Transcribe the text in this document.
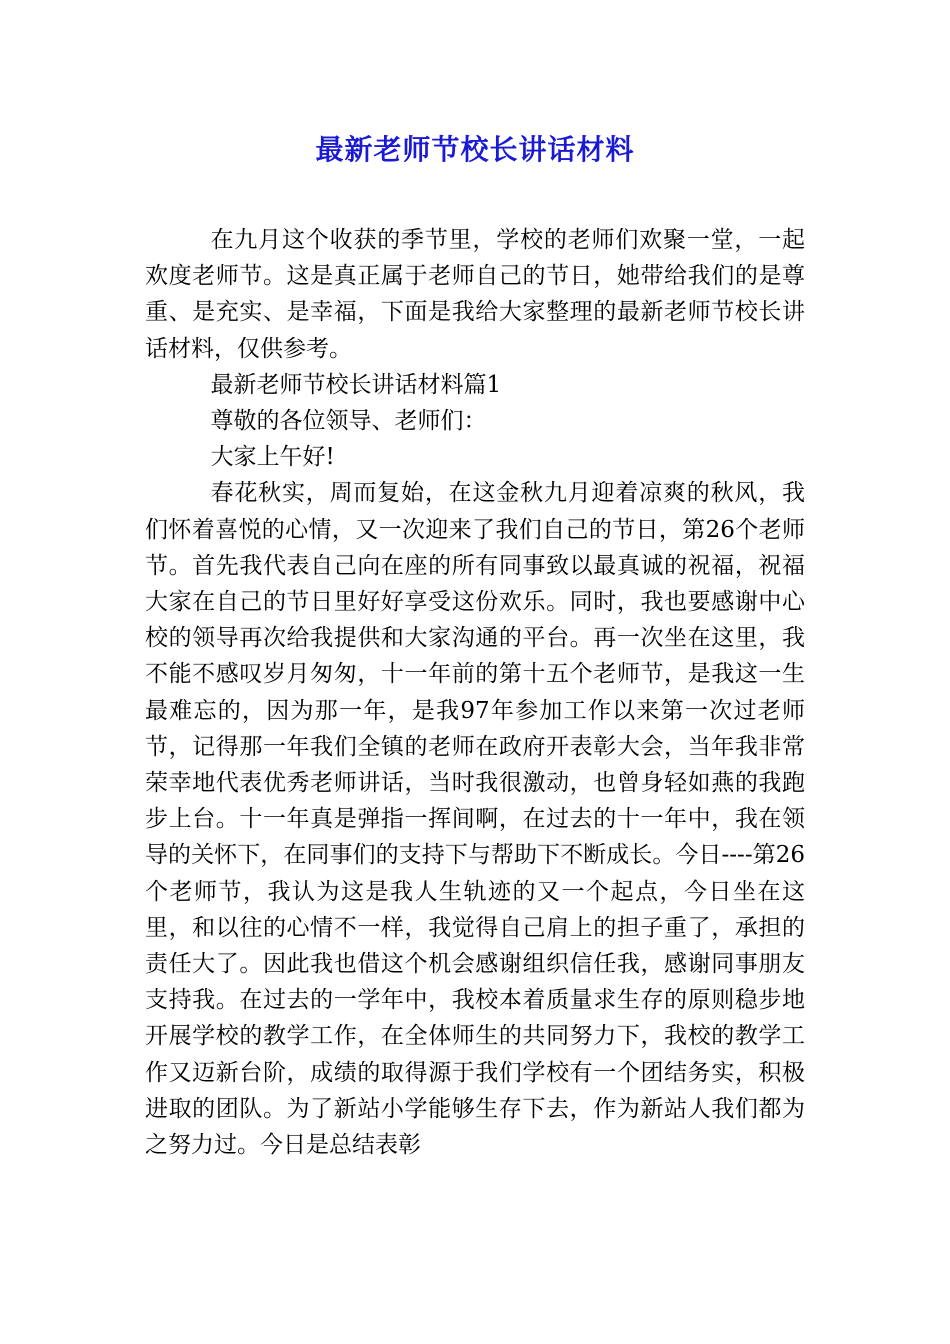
最新老师节校长讲话材料

在九月这个收获的季节里，学校的老师们欢聚一堂，一起欢度老师节。这是真正属于老师自己的节日，她带给我们的是尊重、是充实、是幸福，下面是我给大家整理的最新老师节校长讲话材料，仅供参考。

最新老师节校长讲话材料篇1

尊敬的各位领导、老师们：

大家上午好!

春花秋实，周而复始，在这金秋九月迎着凉爽的秋风，我们怀着喜悦的心情，又一次迎来了我们自己的节日，第26个老师节。首先我代表自己向在座的所有同事致以最真诚的祝福，祝福大家在自己的节日里好好享受这份欢乐。同时，我也要感谢中心校的领导再次给我提供和大家沟通的平台。再一次坐在这里，我不能不感叹岁月匆匆，十一年前的第十五个老师节，是我这一生最难忘的，因为那一年，是我97年参加工作以来第一次过老师节，记得那一年我们全镇的老师在政府开表彰大会，当年我非常荣幸地代表优秀老师讲话，当时我很激动，也曾身轻如燕的我跑步上台。十一年真是弹指一挥间啊，在过去的十一年中，我在领导的关怀下，在同事们的支持下与帮助下不断成长。今日----第26个老师节，我认为这是我人生轨迹的又一个起点，今日坐在这里，和以往的心情不一样，我觉得自己肩上的担子重了，承担的责任大了。因此我也借这个机会感谢组织信任我，感谢同事朋友支持我。在过去的一学年中，我校本着质量求生存的原则稳步地开展学校的教学工作，在全体师生的共同努力下，我校的教学工作又迈新台阶，成绩的取得源于我们学校有一个团结务实，积极进取的团队。为了新站小学能够生存下去，作为新站人我们都为之努力过。今日是总结表彰
